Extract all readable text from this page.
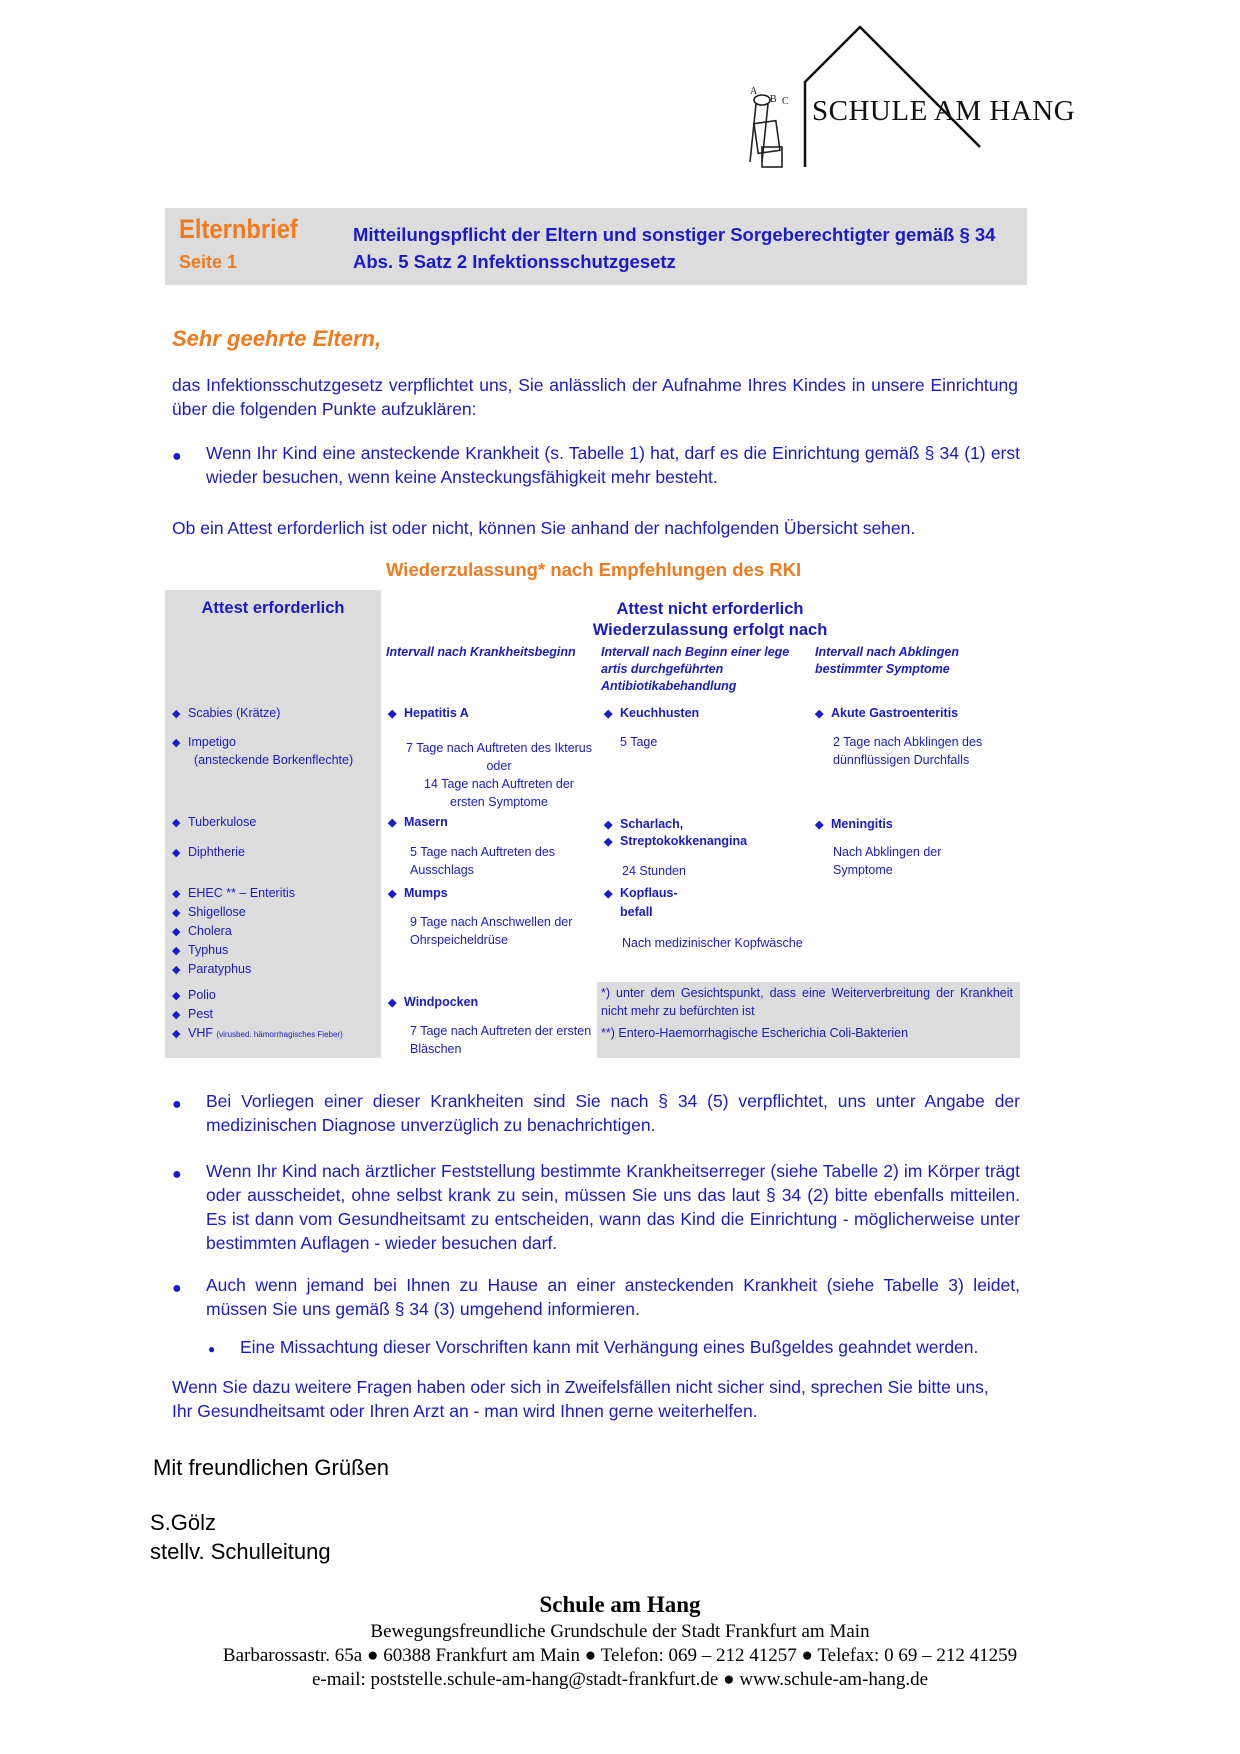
A
B C SCHULE AM HANG
Elternbrief
Seite 1
Mitteilungspflicht der Eltern und sonstiger Sorgeberechtigter gemäß § 34
Abs. 5 Satz 2 Infektionsschutzgesetz
Sehr geehrte Eltern,
das Infektionsschutzgesetz verpflichtet uns, Sie anlässlich der Aufnahme Ihres Kindes in unsere Einrichtung über die folgenden Punkte aufzuklären:
● Wenn Ihr Kind eine ansteckende Krankheit (s. Tabelle 1) hat, darf es die Einrichtung gemäß § 34 (1) erst wieder besuchen, wenn keine Ansteckungsfähigkeit mehr besteht.
Ob ein Attest erforderlich ist oder nicht, können Sie anhand der nachfolgenden Übersicht sehen.
Wiederzulassung* nach Empfehlungen des RKI
Attest erforderlich	Attest nicht erforderlich
Wiederzulassung erfolgt nach
Intervall nach Krankheitsbeginn	Intervall nach Beginn einer lege artis durchgeführten Antibiotikabehandlung
Intervall nach Abklingen bestimmter Symptome
◆ Scabies (Krätze)
◆ Impetigo
(ansteckende Borkenflechte)
◆ Tuberkulose
◆ Diphtherie
◆ EHEC ** – Enteritis
◆ Shigellose
◆ Cholera
◆ Typhus
◆ Paratyphus
◆ Polio
◆ Pest
◆ VHF (virusbed. hämorrhagisches Fieber)
◆ Hepatitis A
7 Tage nach Auftreten des Ikterus oder
14 Tage nach Auftreten der ersten Symptome
◆ Masern
5 Tage nach Auftreten des Ausschlags
◆ Mumps
9 Tage nach Anschwellen der Ohrspeicheldrüse
◆ Windpocken
7 Tage nach Auftreten der ersten Bläschen
◆ Keuchhusten
5 Tage
◆ Scharlach,
◆ Streptokokkenangina
24 Stunden
◆ Kopflaus-
befall
Nach medizinischer Kopfwäsche
◆ Akute Gastroenteritis
2 Tage nach Abklingen des dünnflüssigen Durchfalls
◆ Meningitis
Nach Abklingen der Symptome
*) unter dem Gesichtspunkt, dass eine Weiterverbreitung der Krankheit nicht mehr zu befürchten ist
**) Entero-Haemorrhagische Escherichia Coli-Bakterien
● Bei Vorliegen einer dieser Krankheiten sind Sie nach § 34 (5) verpflichtet, uns unter Angabe der medizinischen Diagnose unverzüglich zu benachrichtigen.
● Wenn Ihr Kind nach ärztlicher Feststellung bestimmte Krankheitserreger (siehe Tabelle 2) im Körper trägt oder ausscheidet, ohne selbst krank zu sein, müssen Sie uns das laut § 34 (2) bitte ebenfalls mitteilen. Es ist dann vom Gesundheitsamt zu entscheiden, wann das Kind die Einrichtung - möglicherweise unter bestimmten Auflagen - wieder besuchen darf.
● Auch wenn jemand bei Ihnen zu Hause an einer ansteckenden Krankheit (siehe Tabelle 3) leidet, müssen Sie uns gemäß § 34 (3) umgehend informieren.
● Eine Missachtung dieser Vorschriften kann mit Verhängung eines Bußgeldes geahndet werden.
Wenn Sie dazu weitere Fragen haben oder sich in Zweifelsfällen nicht sicher sind, sprechen Sie bitte uns, Ihr Gesundheitsamt oder Ihren Arzt an - man wird Ihnen gerne weiterhelfen.
Mit freundlichen Grüßen
S.Gölz
stellv. Schulleitung
Schule am Hang
Bewegungsfreundliche Grundschule der Stadt Frankfurt am Main
Barbarossastr. 65a ● 60388 Frankfurt am Main ● Telefon: 069 – 212 41257 ● Telefax: 0 69 – 212 41259
e-mail: poststelle.schule-am-hang@stadt-frankfurt.de ● www.schule-am-hang.de
